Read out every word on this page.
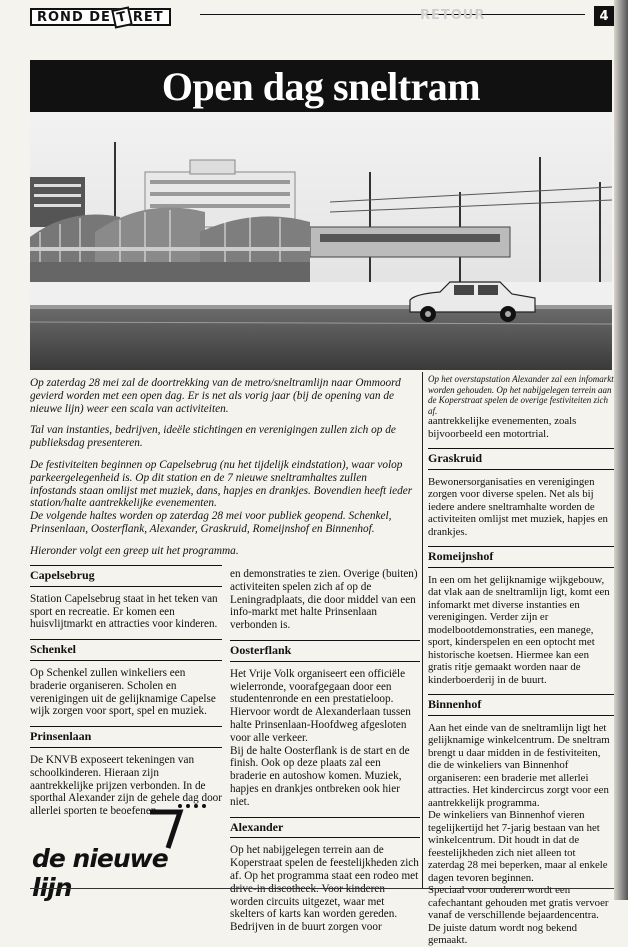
ROND DE T RET	RETOUR	4
Open dag sneltram

Op zaterdag 28 mei zal de doortrekking van de metro/sneltramlijn naar Ommoord gevierd worden met een open dag. Er is net als vorig jaar (bij de opening van de nieuwe lijn) weer een scala van activiteiten.

Tal van instanties, bedrijven, ideële stichtingen en verenigingen zullen zich op de publieksdag presenteren.

De festiviteiten beginnen op Capelsebrug (nu het tijdelijk eindstation), waar volop parkeergelegenheid is. Op dit station en de 7 nieuwe sneltramhaltes zullen infostands staan omlijst met muziek, dans, hapjes en drankjes. Bovendien heeft ieder station/halte aantrekkelijke evenementen.

De volgende haltes worden op zaterdag 28 mei voor publiek geopend. Schenkel, Prinsenlaan, Oosterflank, Alexander, Graskruid, Romeijnshof en Binnenhof.

Hieronder volgt een greep uit het programma.

Op het overstapstation Alexander zal een infomarkt worden gehouden. Op het nabijgelegen terrein aan de Koperstraat spelen de overige festiviteiten zich af.
Capelsebrug

Station Capelsebrug staat in het teken van sport en recreatie. Er komen een huisvlijtmarkt en attracties voor kinderen.

Schenkel

Op Schenkel zullen winkeliers een braderie organiseren. Scholen en verenigingen uit de gelijknamige Capelse wijk zorgen voor sport, spel en muziek.

Prinsenlaan

De KNVB exposeert tekeningen van schoolkinderen. Hieraan zijn aantrekkelijke prijzen verbonden. In de sporthal Alexander zijn de gehele dag door allerlei sporten te beoefenen

en demonstraties te zien. Overige (buiten) activiteiten spelen zich af op de Leningradplaats, die door middel van een info-markt met halte Prinsenlaan verbonden is.

Oosterflank

Het Vrije Volk organiseert een officiële wielerronde, voorafgegaan door een studentenronde en een prestatieloop.

Hiervoor wordt de Alexanderlaan tussen halte Prinsenlaan-Hoofdweg afgesloten voor alle verkeer.

Bij de halte Oosterflank is de start en de finish. Ook op deze plaats zal een braderie en autoshow komen. Muziek, hapjes en drankjes ontbreken ook hier niet.

Alexander

Op het nabijgelegen terrein aan de Koperstraat spelen de feestelijkheden zich af. Op het programma staat een rodeo met drive-in discotheek. Voor kinderen worden circuits uitgezet, waar met skelters of karts kan worden gereden. Bedrijven in de buurt zorgen voor

aantrekkelijke evenementen, zoals bijvoorbeeld een motortrial.

Graskruid

Bewonersorganisaties en verenigingen zorgen voor diverse spelen. Net als bij iedere andere sneltramhalte worden de activiteiten omlijst met muziek, hapjes en drankjes.

Romeijnshof

In een om het gelijknamige wijkgebouw, dat vlak aan de sneltramlijn ligt, komt een infomarkt met diverse instanties en verenigingen. Verder zijn er modelbootdemonstraties, een manege, sport, kinderspelen en een optocht met historische koetsen. Hiermee kan een gratis ritje gemaakt worden naar de kinderboerderij in de buurt.

Binnenhof

Aan het einde van de sneltramlijn ligt het gelijknamige winkelcentrum. De sneltram brengt u daar midden in de festiviteiten, die de winkeliers van Binnenhof organiseren: een braderie met allerlei attracties. Het kindercircus zorgt voor een aantrekkelijk programma.

De winkeliers van Binnenhof vieren tegelijkertijd het 7-jarig bestaan van het winkelcentrum. Dit houdt in dat de feestelijkheden zich niet alleen tot zaterdag 28 mei beperken, maar al enkele dagen tevoren beginnen.

Speciaal voor ouderen wordt een cafechantant gehouden met gratis vervoer vanaf de verschillende bejaardencentra.

De juiste datum wordt nog bekend gemaakt.

de nieuwe lijn
